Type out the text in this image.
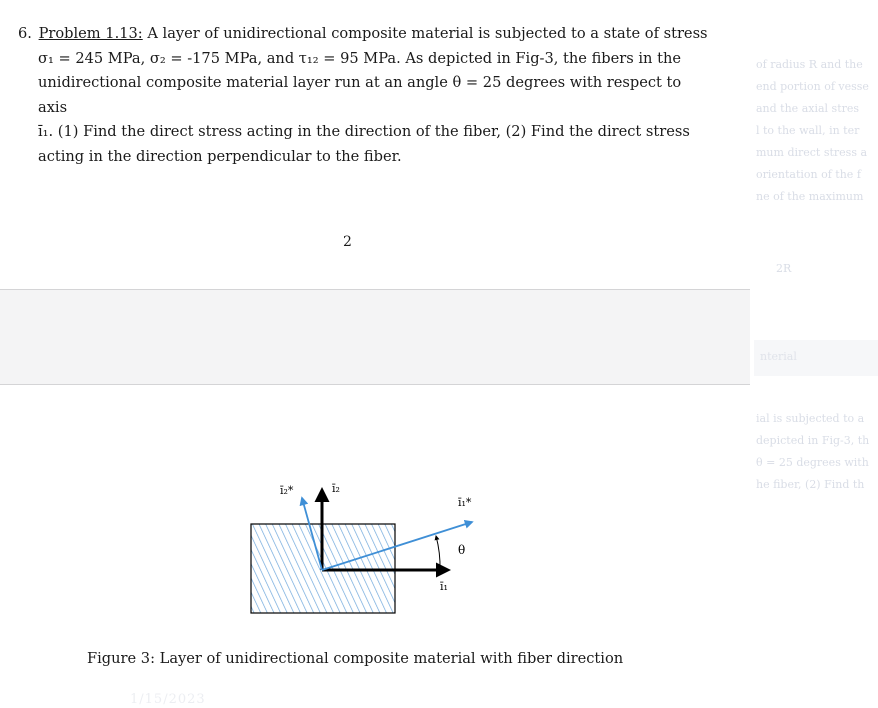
6. Problem 1.13: A layer of unidirectional composite material is subjected to a state of stress
σ₁ = 245 MPa, σ₂ = -175 MPa, and τ₁₂ = 95 MPa. As depicted in Fig-3, the fibers in the
unidirectional composite material layer run at an angle θ = 25 degrees with respect to axis
ı̄₁. (1) Find the direct stress acting in the direction of the fiber, (2) Find the direct stress
acting in the direction perpendicular to the fiber.
2
of radius R and the
end portion of vesse
and the axial stres
l to the wall, in ter
mum direct stress a
orientation of the f
ne of the maximum
2R
nterial
ial is subjected to a
depicted in Fig-3, th
θ = 25 degrees with
he fiber, (2) Find th
ı̄₂*	ı̄₂
ı̄₁*
ı̄₁
θ
Figure 3: Layer of unidirectional composite material with fiber direction
1/15/2023
